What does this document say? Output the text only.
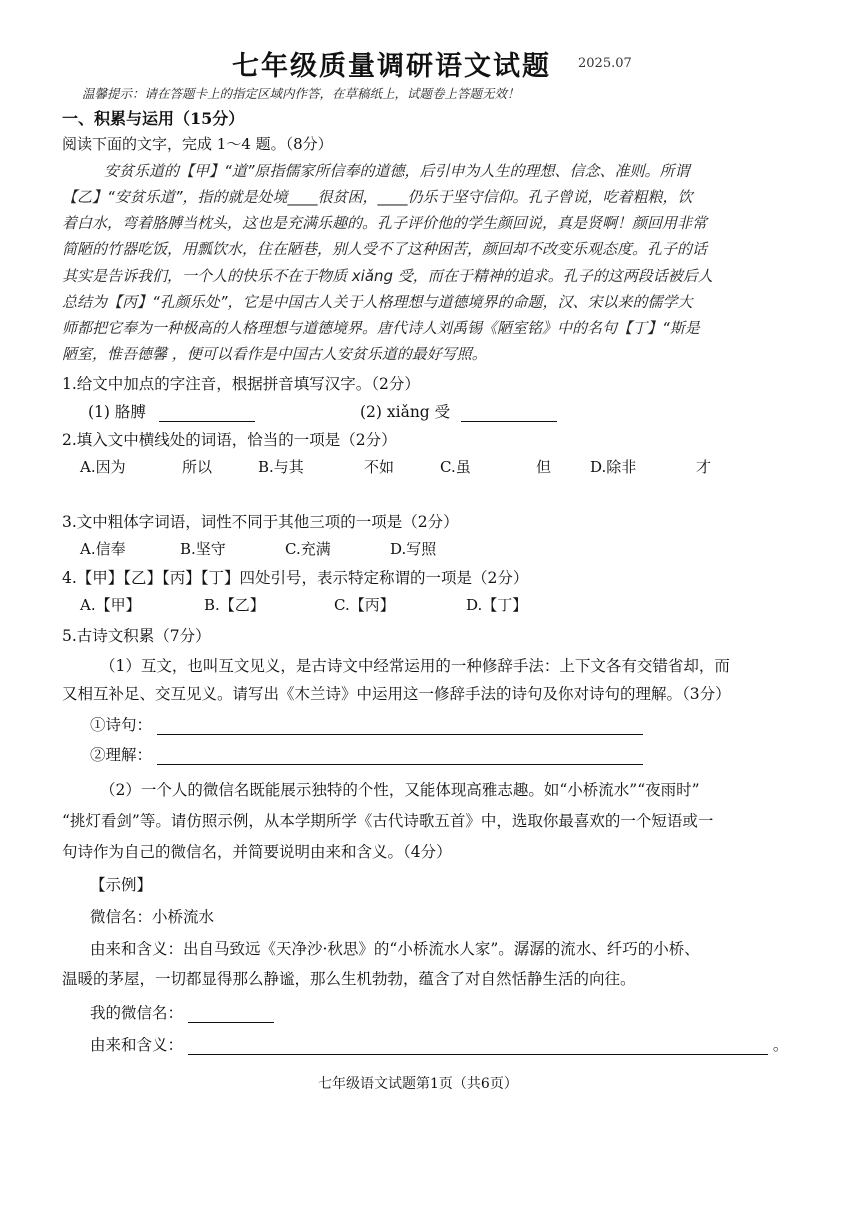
七年级质量调研语文试题 2025.07
温馨提示：请在答题卡上的指定区域内作答，在草稿纸上，试题卷上答题无效！
一、积累与运用（15分）
阅读下面的文字，完成 1～4 题。（8分）
安贫乐道的【甲】“道”原指儒家所信奉的道德，后引申为人生的理想、信念、准则。所谓
【乙】“安贫乐道”，指的就是处境____很贫困，____仍乐于坚守信仰。孔子曾说，吃着粗粮，饮
着白水，弯着胳膊当枕头，这也是充满乐趣的。孔子评价他的学生颜回说，真是贤啊！颜回用非常
简陋的竹器吃饭，用瓢饮水，住在陋巷，别人受不了这种困苦，颜回却不改变乐观态度。孔子的话
其实是告诉我们，一个人的快乐不在于物质 xiǎng 受，而在于精神的追求。孔子的这两段话被后人
总结为【丙】“孔颜乐处”，它是中国古人关于人格理想与道德境界的命题，汉、宋以来的儒学大
师都把它奉为一种极高的人格理想与道德境界。唐代诗人刘禹锡《陋室铭》中的名句【丁】“斯是
陋室，惟吾德馨 ，便可以看作是中国古人安贫乐道的最好写照。
1.给文中加点的字注音，根据拼音填写汉字。（2分）
(1) 胳膊	(2) xiǎng 受
2.填入文中横线处的词语，恰当的一项是（2分）
A.因为	所以	B.与其	不如	C.虽	但	D.除非	才
3.文中粗体字词语，词性不同于其他三项的一项是（2分）
A.信奉	B.坚守	C.充满	D.写照
4.【甲】【乙】【丙】【丁】四处引号，表示特定称谓的一项是（2分）
A.【甲】	B.【乙】	C.【丙】	D.【丁】
5.古诗文积累（7分）
（1）互文，也叫互文见义，是古诗文中经常运用的一种修辞手法：上下文各有交错省却，而
又相互补足、交互见义。请写出《木兰诗》中运用这一修辞手法的诗句及你对诗句的理解。（3分）
①诗句：
②理解：
（2）一个人的微信名既能展示独特的个性，又能体现高雅志趣。如“小桥流水”“夜雨时”
“挑灯看剑”等。请仿照示例，从本学期所学《古代诗歌五首》中，选取你最喜欢的一个短语或一
句诗作为自己的微信名，并简要说明由来和含义。（4分）
【示例】
微信名：小桥流水
由来和含义：出自马致远《天净沙·秋思》的“小桥流水人家”。潺潺的流水、纤巧的小桥、
温暖的茅屋，一切都显得那么静谧，那么生机勃勃，蕴含了对自然恬静生活的向往。
我的微信名：
由来和含义：	。
七年级语文试题第1页（共6页）
